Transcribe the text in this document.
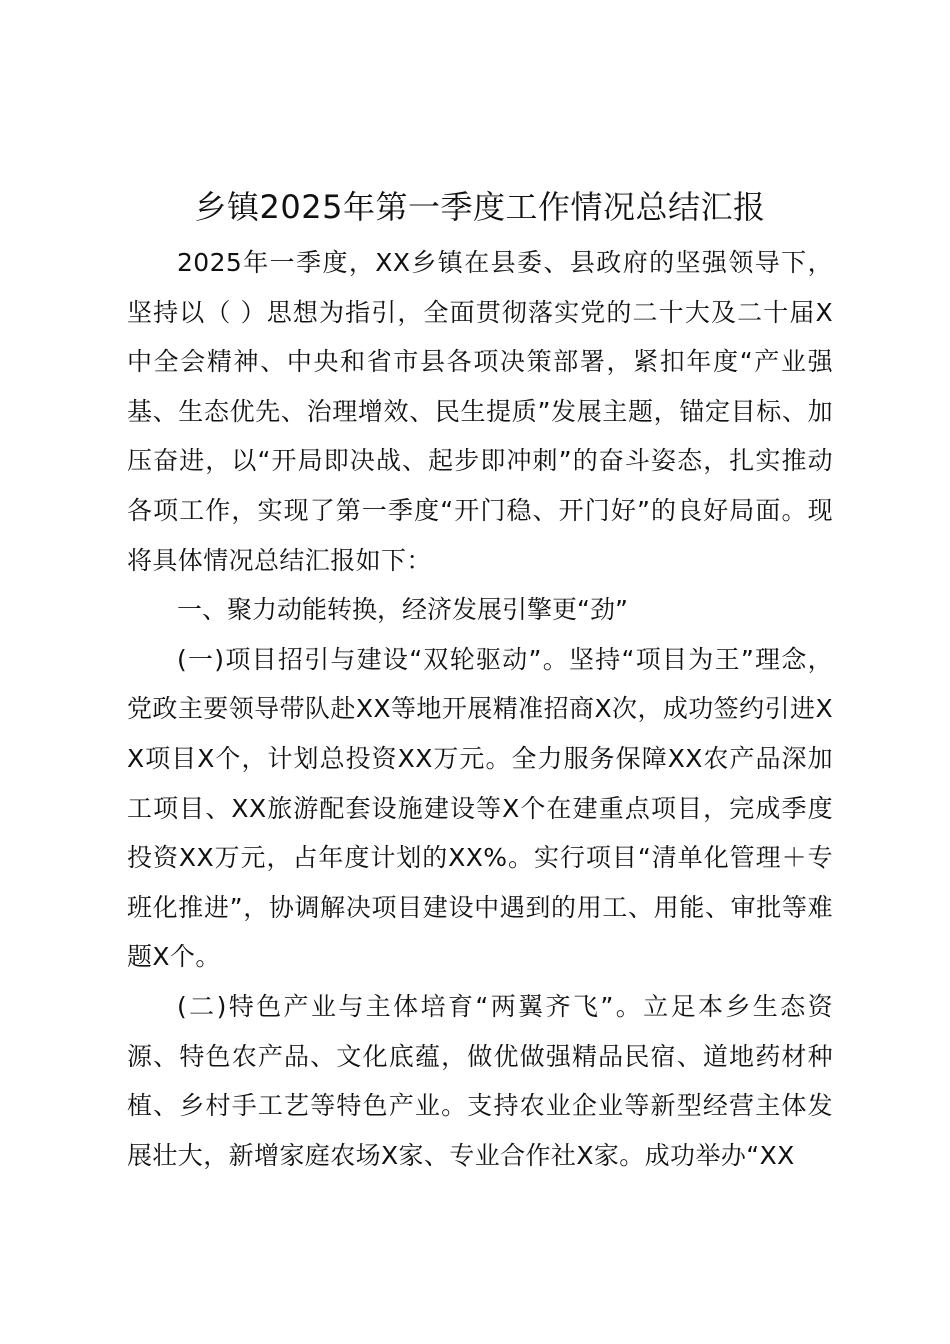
乡镇2025年第一季度工作情况总结汇报

2025年一季度，XX乡镇在县委、县政府的坚强领导下，坚持以（ ）思想为指引，全面贯彻落实党的二十大及二十届X中全会精神、中央和省市县各项决策部署，紧扣年度“产业强基、生态优先、治理增效、民生提质”发展主题，锚定目标、加压奋进，以“开局即决战、起步即冲刺”的奋斗姿态，扎实推动各项工作，实现了第一季度“开门稳、开门好”的良好局面。现将具体情况总结汇报如下：

一、聚力动能转换，经济发展引擎更“劲”

(一)项目招引与建设“双轮驱动”。坚持“项目为王”理念，党政主要领导带队赴XX等地开展精准招商X次，成功签约引进XX项目X个，计划总投资XX万元。全力服务保障XX农产品深加工项目、XX旅游配套设施建设等X个在建重点项目，完成季度投资XX万元，占年度计划的XX%。实行项目“清单化管理＋专班化推进”，协调解决项目建设中遇到的用工、用能、审批等难题X个。

(二)特色产业与主体培育“两翼齐飞”。立足本乡生态资源、特色农产品、文化底蕴，做优做强精品民宿、道地药材种植、乡村手工艺等特色产业。支持农业企业等新型经营主体发展壮大，新增家庭农场X家、专业合作社X家。成功举办“XX
